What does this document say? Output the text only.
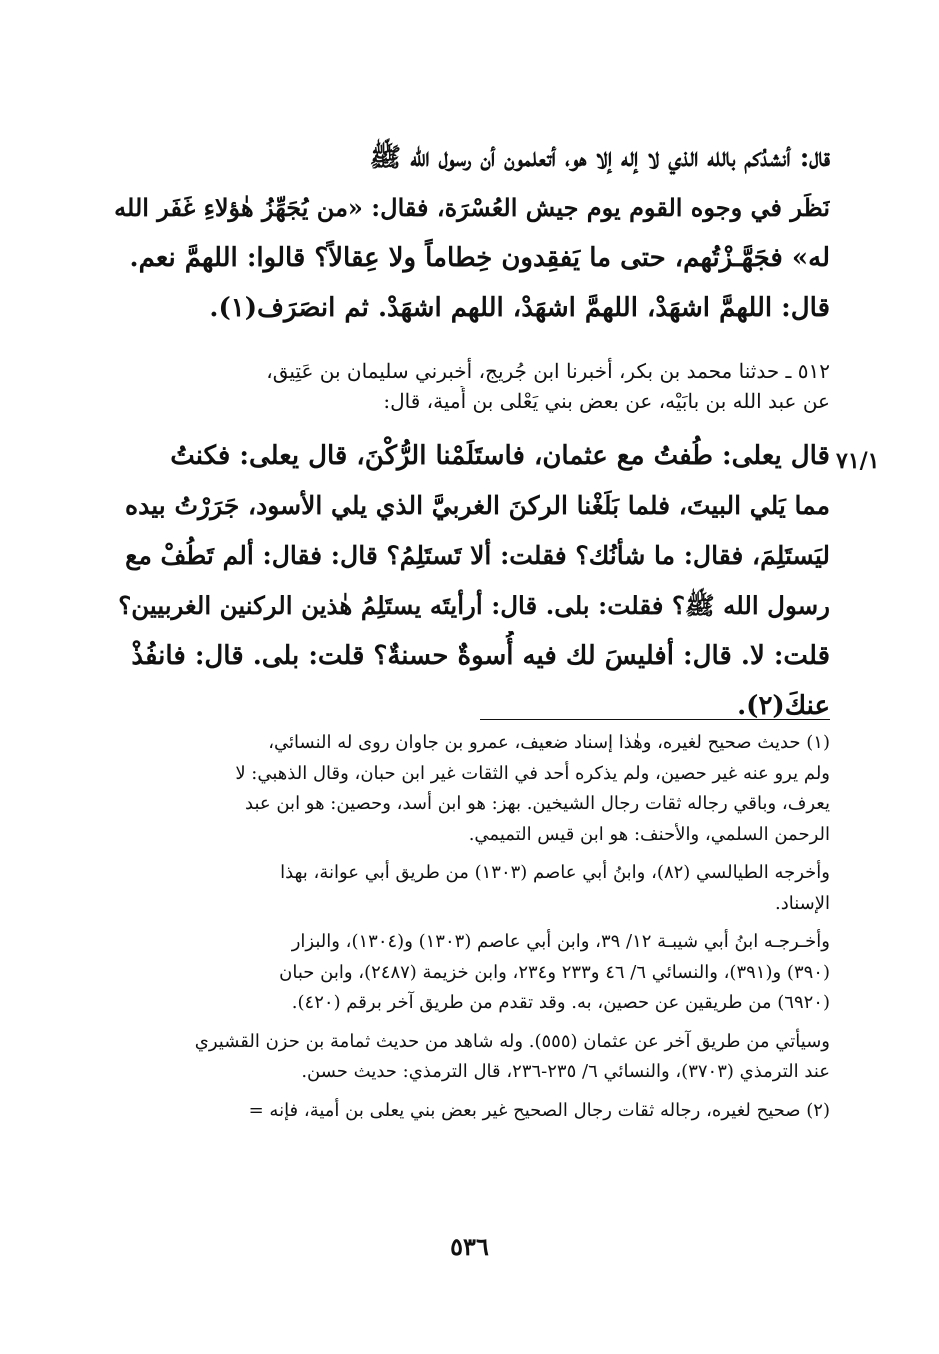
قال: أنشدُكم بالله الذي لا إله إلا هو، أتعلمون أن رسول الله ﷺ
نَظَر في وجوه القوم يوم جيش العُسْرَة، فقال: «من يُجَهِّزُ هٰؤلاءِ غَفَر الله
له» فجَهَّـزْتُهم، حتى ما يَفقِدون خِطاماً ولا عِقالاً؟ قالوا: اللهمَّ نعم.
قال: اللهمَّ اشهَدْ، اللهمَّ اشهَدْ، اللهم اشهَدْ. ثم انصَرَف(١).
٥١٢ ـ حدثنا محمد بن بكر، أخبرنا ابن جُريج، أخبرني سليمان بن عَتِيق،
عن عبد الله بن بابَيْه، عن بعض بني يَعْلى بن أُمية، قال:
قال يعلى: طُفتُ مع عثمان، فاستَلَمْنا الرُّكْنَ، قال يعلى: فكنتُ
مما يَلي البيتَ، فلما بَلَغْنا الركنَ الغربيَّ الذي يلي الأسود، جَرَرْتُ بيده
ليَستَلِمَ، فقال: ما شأنُك؟ فقلت: ألا تَستَلِمُ؟ قال: فقال: ألم تَطُفْ مع
رسول الله ﷺ؟ فقلت: بلى. قال: أرأيتَه يستَلِمُ هٰذين الركنين الغربيين؟
قلت: لا. قال: أفليسَ لك فيه أُسوةٌ حسنةٌ؟ قلت: بلى. قال: فانفُذْ
عنكَ(٢).
٧١/١
(١) حديث صحيح لغيره، وهٰذا إسناد ضعيف، عمرو بن جاوان روى له النسائي،
ولم يرو عنه غير حصين، ولم يذكره أحد في الثقات غير ابن حبان، وقال الذهبي: لا
يعرف، وباقي رجاله ثقات رجال الشيخين. بهز: هو ابن أسد، وحصين: هو ابن عبد
الرحمن السلمي، والأحنف: هو ابن قيس التميمي.
وأخرجه الطيالسي (٨٢)، وابنُ أبي عاصم (١٣٠٣) من طريق أبي عوانة، بهذا
الإسناد.
وأخـرجـه ابنُ أبي شيبـة ١٢/ ٣٩، وابن أبي عاصم (١٣٠٣) و(١٣٠٤)، والبزار
(٣٩٠) و(٣٩١)، والنسائي ٦/ ٤٦ و٢٣٣ و٢٣٤، وابن خزيمة (٢٤٨٧)، وابن حبان
(٦٩٢٠) من طريقين عن حصين، به. وقد تقدم من طريق آخر برقم (٤٢٠).
وسيأتي من طريق آخر عن عثمان (٥٥٥). وله شاهد من حديث ثمامة بن حزن القشيري
عند الترمذي (٣٧٠٣)، والنسائي ٦/ ٢٣٥-٢٣٦، قال الترمذي: حديث حسن.
(٢) صحيح لغيره، رجاله ثقات رجال الصحيح غير بعض بني يعلى بن أمية، فإنه =
٥٣٦
